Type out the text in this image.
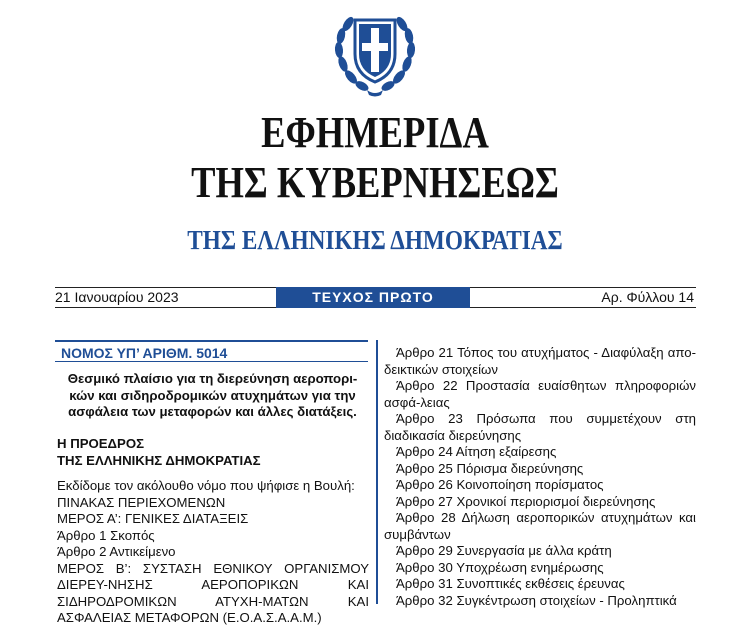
ΕΦΗΜΕΡΙΔΑ
ΤΗΣ ΚΥΒΕΡΝΗΣΕΩΣ
ΤΗΣ ΕΛΛΗΝΙΚΗΣ ΔΗΜΟΚΡΑΤΙΑΣ
21 Ιανουαρίου 2023	ΤΕΥΧΟΣ ΠΡΩΤΟ	Αρ. Φύλλου 14
ΝΟΜΟΣ ΥΠ’ ΑΡΙΘΜ. 5014
Θεσμικό πλαίσιο για τη διερεύνηση αεροπορι-
κών και σιδηροδρομικών ατυχημάτων για την
ασφάλεια των μεταφορών και άλλες διατάξεις.
Η ΠΡΟΕΔΡΟΣ
ΤΗΣ ΕΛΛΗΝΙΚΗΣ ΔΗΜΟΚΡΑΤΙΑΣ
Εκδίδομε τον ακόλουθο νόμο που ψήφισε η Βουλή:
ΠΙΝΑΚΑΣ ΠΕΡΙΕΧΟΜΕΝΩΝ
ΜΕΡΟΣ Α’: ΓΕΝΙΚΕΣ ΔΙΑΤΑΞΕΙΣ
Άρθρο 1 Σκοπός
Άρθρο 2 Αντικείμενο
ΜΕΡΟΣ Β’: ΣΥΣΤΑΣΗ ΕΘΝΙΚΟΥ ΟΡΓΑΝΙΣΜΟΥ ΔΙΕΡΕΥ-ΝΗΣΗΣ ΑΕΡΟΠΟΡΙΚΩΝ ΚΑΙ ΣΙΔΗΡΟΔΡΟΜΙΚΩΝ ΑΤΥΧΗ-ΜΑΤΩΝ ΚΑΙ ΑΣΦΑΛΕΙΑΣ ΜΕΤΑΦΟΡΩΝ (Ε.Ο.Α.Σ.Α.Α.Μ.)
Άρθρο 21 Τόπος του ατυχήματος - Διαφύλαξη απο-δεικτικών στοιχείων
Άρθρο 22 Προστασία ευαίσθητων πληροφοριών ασφά-λειας
Άρθρο 23 Πρόσωπα που συμμετέχουν στη διαδικασία διερεύνησης
Άρθρο 24 Αίτηση εξαίρεσης
Άρθρο 25 Πόρισμα διερεύνησης
Άρθρο 26 Κοινοποίηση πορίσματος
Άρθρο 27 Χρονικοί περιορισμοί διερεύνησης
Άρθρο 28 Δήλωση αεροπορικών ατυχημάτων και συμβάντων
Άρθρο 29 Συνεργασία με άλλα κράτη
Άρθρο 30 Υποχρέωση ενημέρωσης
Άρθρο 31 Συνοπτικές εκθέσεις έρευνας
Άρθρο 32 Συγκέντρωση στοιχείων - Προληπτικά
